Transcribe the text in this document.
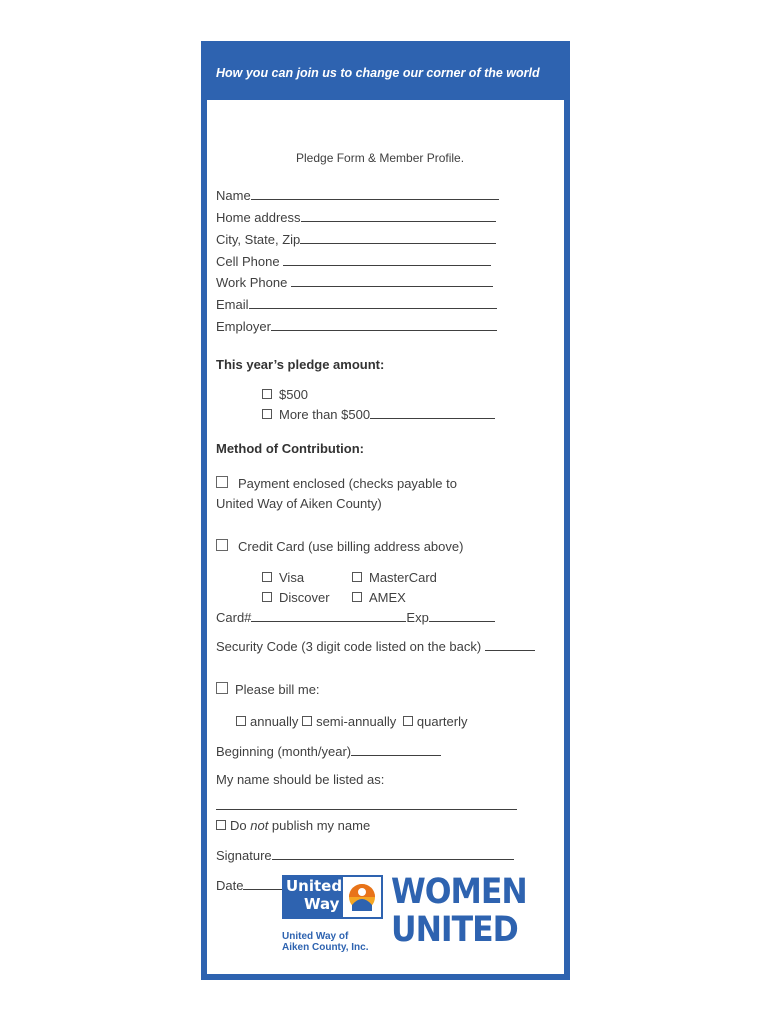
How you can join us to change our corner of the world
Pledge Form & Member Profile.
Name
Home address
City, State, Zip
Cell Phone
Work Phone
Email
Employer
This year’s pledge amount:
$500
More than $500
Method of Contribution:
Payment enclosed (checks payable to
United Way of Aiken County)
Credit Card (use billing address above)
Visa	MasterCard
Discover	AMEX
Card#	Exp
Security Code (3 digit code listed on the back)
Please bill me:
annually semi-annually quarterly
Beginning (month/year)
My name should be listed as:
Do not publish my name
Signature
Date	United
Way
United Way of
Aiken County, Inc.
WOMEN
UNITED
